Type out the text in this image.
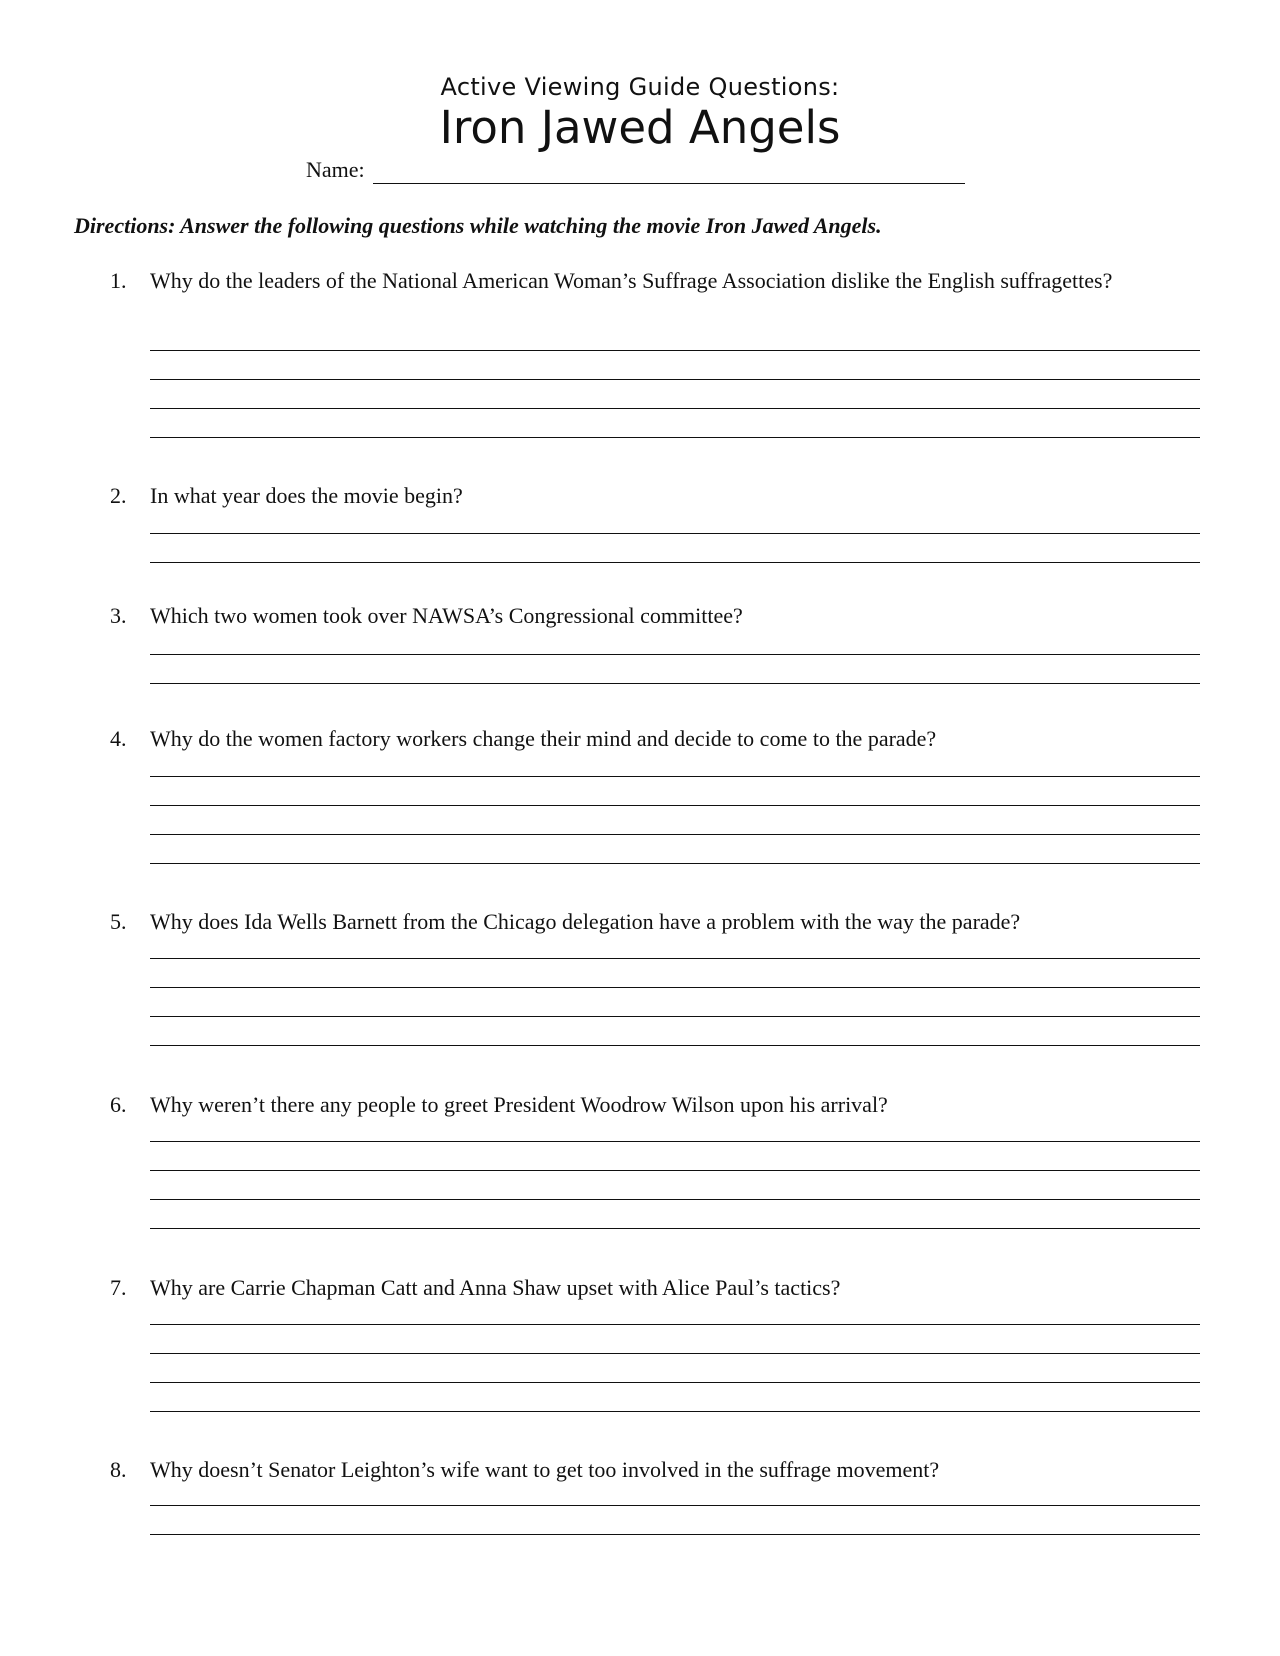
Active Viewing Guide Questions:
Iron Jawed Angels
Name:
Directions: Answer the following questions while watching the movie Iron Jawed Angels.
1. Why do the leaders of the National American Woman’s Suffrage Association dislike the English suffragettes?
2. In what year does the movie begin?
3. Which two women took over NAWSA’s Congressional committee?
4. Why do the women factory workers change their mind and decide to come to the parade?
5. Why does Ida Wells Barnett from the Chicago delegation have a problem with the way the parade?
6. Why weren’t there any people to greet President Woodrow Wilson upon his arrival?
7. Why are Carrie Chapman Catt and Anna Shaw upset with Alice Paul’s tactics?
8. Why doesn’t Senator Leighton’s wife want to get too involved in the suffrage movement?
